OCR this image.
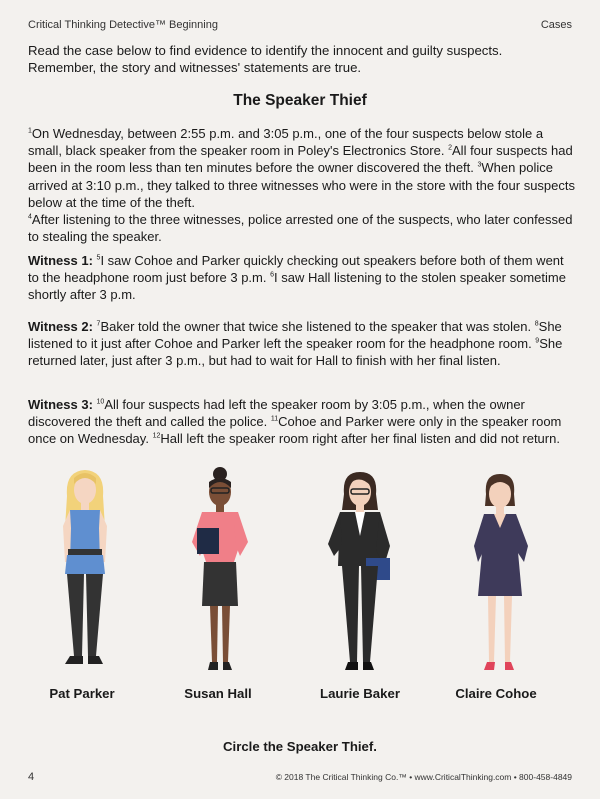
Critical Thinking Detective™ Beginning	Cases
Read the case below to find evidence to identify the innocent and guilty suspects. Remember, the story and witnesses' statements are true.
The Speaker Thief
$^1$On Wednesday, between 2:55 p.m. and 3:05 p.m., one of the four suspects below stole a small, black speaker from the speaker room in Poley's Electronics Store. $^2$All four suspects had been in the room less than ten minutes before the owner discovered the theft. $^3$When police arrived at 3:10 p.m., they talked to three witnesses who were in the store with the four suspects below at the time of the theft.
$^4$After listening to the three witnesses, police arrested one of the suspects, who later confessed to stealing the speaker.
Witness 1: $^5$I saw Cohoe and Parker quickly checking out speakers before both of them went to the headphone room just before 3 p.m. $^6$I saw Hall listening to the stolen speaker sometime shortly after 3 p.m.
Witness 2: $^7$Baker told the owner that twice she listened to the speaker that was stolen. $^8$She listened to it just after Cohoe and Parker left the speaker room for the headphone room. $^9$She returned later, just after 3 p.m., but had to wait for Hall to finish with her final listen.
Witness 3: $^{10}$All four suspects had left the speaker room by 3:05 p.m., when the owner discovered the theft and called the police. $^{11}$Cohoe and Parker were only in the speaker room once on Wednesday. $^{12}$Hall left the speaker room right after her final listen and did not return.
Pat Parker	Susan Hall	Laurie Baker	Claire Cohoe
Circle the Speaker Thief.
4	© 2018 The Critical Thinking Co.™ • www.CriticalThinking.com • 800-458-4849
